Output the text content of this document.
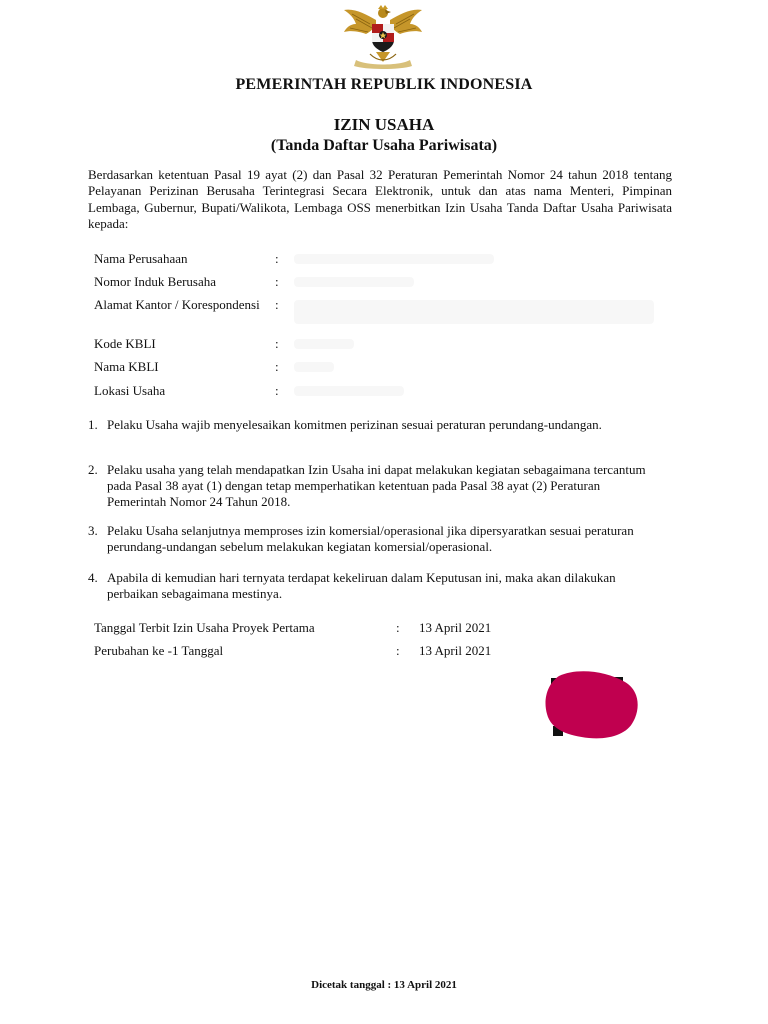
PEMERINTAH REPUBLIK INDONESIA
IZIN USAHA
(Tanda Daftar Usaha Pariwisata)
Berdasarkan ketentuan Pasal 19 ayat (2) dan Pasal 32 Peraturan Pemerintah Nomor 24 tahun 2018 tentang Pelayanan Perizinan Berusaha Terintegrasi Secara Elektronik, untuk dan atas nama Menteri, Pimpinan Lembaga, Gubernur, Bupati/Walikota, Lembaga OSS menerbitkan Izin Usaha Tanda Daftar Usaha Pariwisata kepada:
Nama Perusahaan	:
Nomor Induk Berusaha	:
Alamat Kantor / Korespondensi	:
Kode KBLI	:
Nama KBLI	:
Lokasi Usaha	:
1. Pelaku Usaha wajib menyelesaikan komitmen perizinan sesuai peraturan perundang-undangan.
2. Pelaku usaha yang telah mendapatkan Izin Usaha ini dapat melakukan kegiatan sebagaimana tercantum pada Pasal 38 ayat (1) dengan tetap memperhatikan ketentuan pada Pasal 38 ayat (2) Peraturan Pemerintah Nomor 24 Tahun 2018.
3. Pelaku Usaha selanjutnya memproses izin komersial/operasional jika dipersyaratkan sesuai peraturan perundang-undangan sebelum melakukan kegiatan komersial/operasional.
4. Apabila di kemudian hari ternyata terdapat kekeliruan dalam Keputusan ini, maka akan dilakukan perbaikan sebagaimana mestinya.
Tanggal Terbit Izin Usaha Proyek Pertama	: 13 April 2021
Perubahan ke -1 Tanggal	: 13 April 2021
Dicetak tanggal : 13 April 2021
